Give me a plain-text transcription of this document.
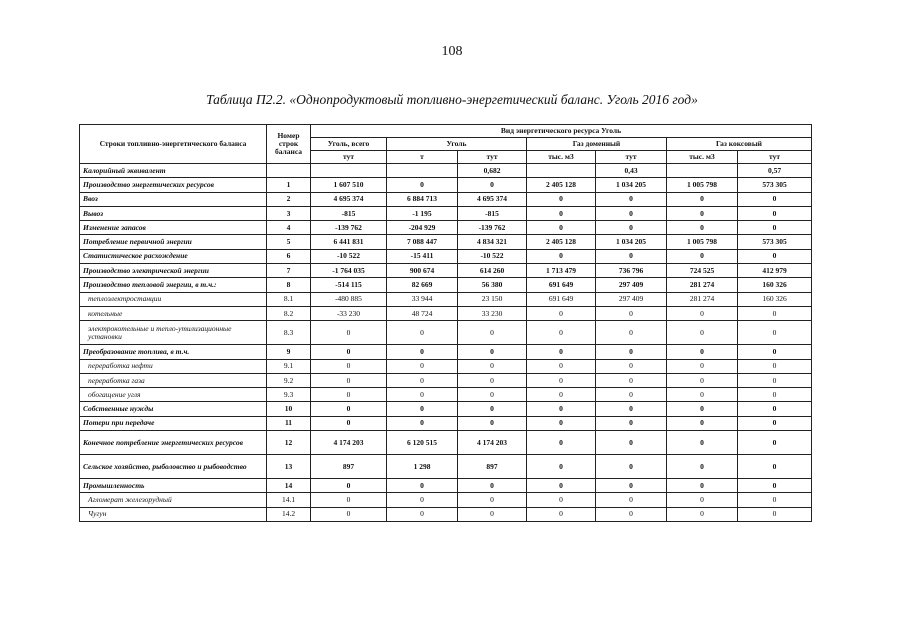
108
Таблица П2.2. «Однопродуктовый топливно-энергетический баланс. Уголь 2016 год»
Строки топливно-энергетического баланса	Номер строк баланса	Вид энергетического ресурса Уголь						
		Уголь, всего	Уголь		Газ доменный		Газ коксовый	
		тут	т	тут	тыс. м3	тут	тыс. м3	тут
Калорийный эквивалент				0,682		0,43		0,57
Производство энергетических ресурсов	1	1 607 510	0	0	2 405 128	1 034 205	1 005 798	573 305
Ввоз	2	4 695 374	6 884 713	4 695 374	0	0	0	0
Вывоз	3	-815	-1 195	-815	0	0	0	0
Изменение запасов	4	-139 762	-204 929	-139 762	0	0	0	0
Потребление первичной энергии	5	6 441 831	7 088 447	4 834 321	2 405 128	1 034 205	1 005 798	573 305
Статистическое расхождение	6	-10 522	-15 411	-10 522	0	0	0	0
Производство электрической энергии	7	-1 764 035	900 674	614 260	1 713 479	736 796	724 525	412 979
Производство тепловой энергии, в т.ч.:	8	-514 115	82 669	56 380	691 649	297 409	281 274	160 326
теплоэлектростанции	8.1	-480 885	33 944	23 150	691 649	297 409	281 274	160 326
котельные	8.2	-33 230	48 724	33 230	0	0	0	0
электрокотельные и тепло-утилизационные установки	8.3	0	0	0	0	0	0	0
Преобразование топлива, в т.ч.	9	0	0	0	0	0	0	0
переработка нефти	9.1	0	0	0	0	0	0	0
переработка газа	9.2	0	0	0	0	0	0	0
обогащение угля	9.3	0	0	0	0	0	0	0
Собственные нужды	10	0	0	0	0	0	0	0
Потери при передаче	11	0	0	0	0	0	0	0
Конечное потребление энергетических ресурсов	12	4 174 203	6 120 515	4 174 203	0	0	0	0
Сельское хозяйство, рыболовство и рыбоводство	13	897	1 298	897	0	0	0	0
Промышленность	14	0	0	0	0	0	0	0
Агломерат железорудный	14.1	0	0	0	0	0	0	0
Чугун	14.2	0	0	0	0	0	0	0
